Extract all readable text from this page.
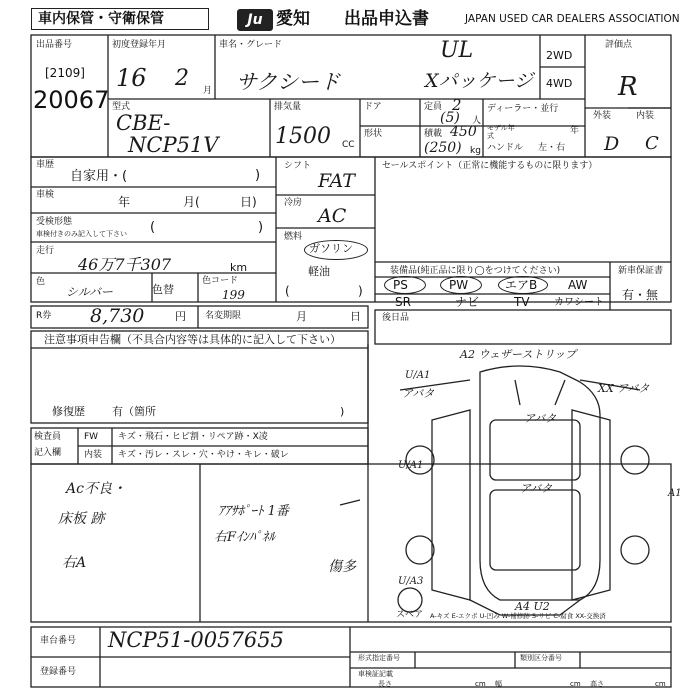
車内保管・守衛保管	Ju 愛知 出品申込書	JAPAN USED CAR DEALERS ASSOCIATION
出品番号
[2109]
20067
初度登録年月
16 2 月
車名・グレード
サクシード
UL
Xパッケージ
2WD
4WD
評価点
R
外装	内装
D C
型式
CBE-
NCP51V
排気量
1500 CC
ドア
形状
定員 2
(5) 人
積載 450
(250) kg
ディーラー・並行
モデル年式	年
ハンドル 左・右
車歴
自家用・(	)
車検	年	月(	日)
受検形態
車検付きのみ記入して下さい (	)
走行
46万7千307	km
色
シルバー	色替
色コード
199
シフト
FAT
冷房
AC
燃料
ガソリン
軽油
(	)
セールスポイント（正常に機能するものに限ります）
装備品(純正品に限り◯をつけてください)
PS	PW	エアB	AW
SR	ナビ	TV カワシート
新車保証書
有・無
R券 8,730	円 名変期限	月	日 後日品
注意事項申告欄（不具合内容等は具体的に記入して下さい）
修復歴 有（箇所	)
検査員
記入欄
FW キズ・飛石・ヒビ割・リペア跡・X凌
内装 キズ・汚レ・スレ・穴・やけ・キレ・破レ
Ac不良・
床板 跡	ｱｱｻﾎﾟｰﾄ 1番
右Fｲﾝﾊﾟﾈﾙ
右A	傷多
A2 ウェザーストリップ
U/A1
アバタ	XX アバタ
アバタ
アバタ
U/A1
A1
U/A3
A4 U2
スペア A-キズ E-エクボ U-凹み W-補修跡 S-サビ C-腐食 XX-交換済
車台番号 NCP51-0057655
登録番号
形式指定番号	類別区分番号
車検証記載
長さ	cm 幅	cm 高さ	cm
